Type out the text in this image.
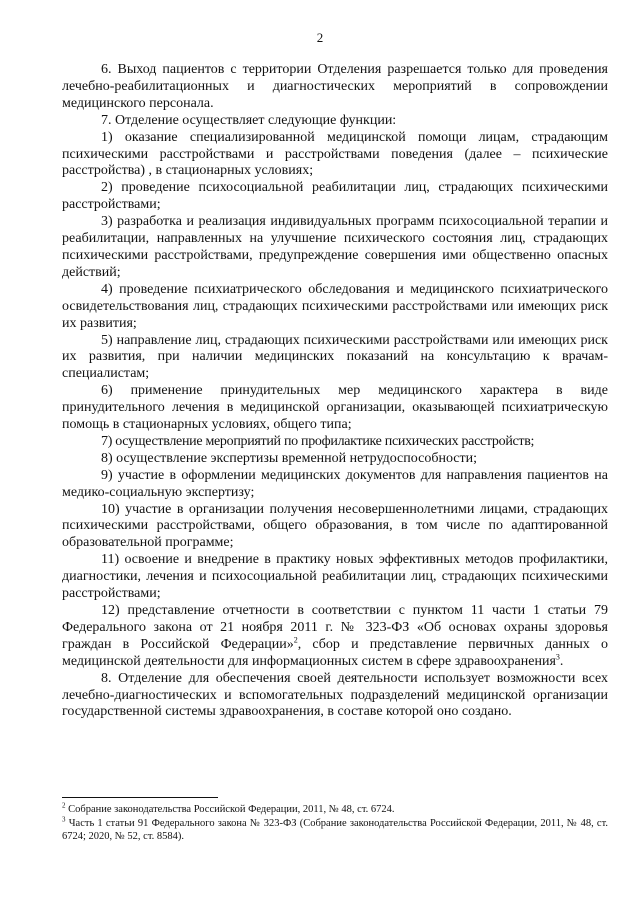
2

6. Выход пациентов с территории Отделения разрешается только для проведения лечебно-реабилитационных и диагностических мероприятий в сопровождении медицинского персонала.

7. Отделение осуществляет следующие функции:

1) оказание специализированной медицинской помощи лицам, страдающим психическими расстройствами и расстройствами поведения (далее – психические расстройства) , в стационарных условиях;

2) проведение психосоциальной реабилитации лиц, страдающих психическими расстройствами;

3) разработка и реализация индивидуальных программ психосоциальной терапии и реабилитации, направленных на улучшение психического состояния лиц, страдающих психическими расстройствами, предупреждение совершения ими общественно опасных действий;

4) проведение психиатрического обследования и медицинского психиатрического освидетельствования лиц, страдающих психическими расстройствами или имеющих риск их развития;

5) направление лиц, страдающих психическими расстройствами или имеющих риск их развития, при наличии медицинских показаний на консультацию к врачам-специалистам;

6) применение принудительных мер медицинского характера в виде принудительного лечения в медицинской организации, оказывающей психиатрическую помощь в стационарных условиях, общего типа;

7) осуществление мероприятий по профилактике психических расстройств;

8) осуществление экспертизы временной нетрудоспособности;

9) участие в оформлении медицинских документов для направления пациентов на медико-социальную экспертизу;

10) участие в организации получения несовершеннолетними лицами, страдающих психическими расстройствами, общего образования, в том числе по адаптированной образовательной программе;

11) освоение и внедрение в практику новых эффективных методов профилактики, диагностики, лечения и психосоциальной реабилитации лиц, страдающих психическими расстройствами;

12) представление отчетности в соответствии с пунктом 11 части 1 статьи 79 Федерального закона от 21 ноября 2011 г. № 323-ФЗ «Об основах охраны здоровья граждан в Российской Федерации»$^2$, сбор и представление первичных данных о медицинской деятельности для информационных систем в сфере здравоохранения$^3$.

8. Отделение для обеспечения своей деятельности использует возможности всех лечебно-диагностических и вспомогательных подразделений медицинской организации государственной системы здравоохранения, в составе которой оно создано.

$^2$ Собрание законодательства Российской Федерации, 2011, № 48, ст. 6724.

$^3$ Часть 1 статьи 91 Федерального закона № 323-ФЗ (Собрание законодательства Российской Федерации, 2011, № 48, ст. 6724; 2020, № 52, ст. 8584).
